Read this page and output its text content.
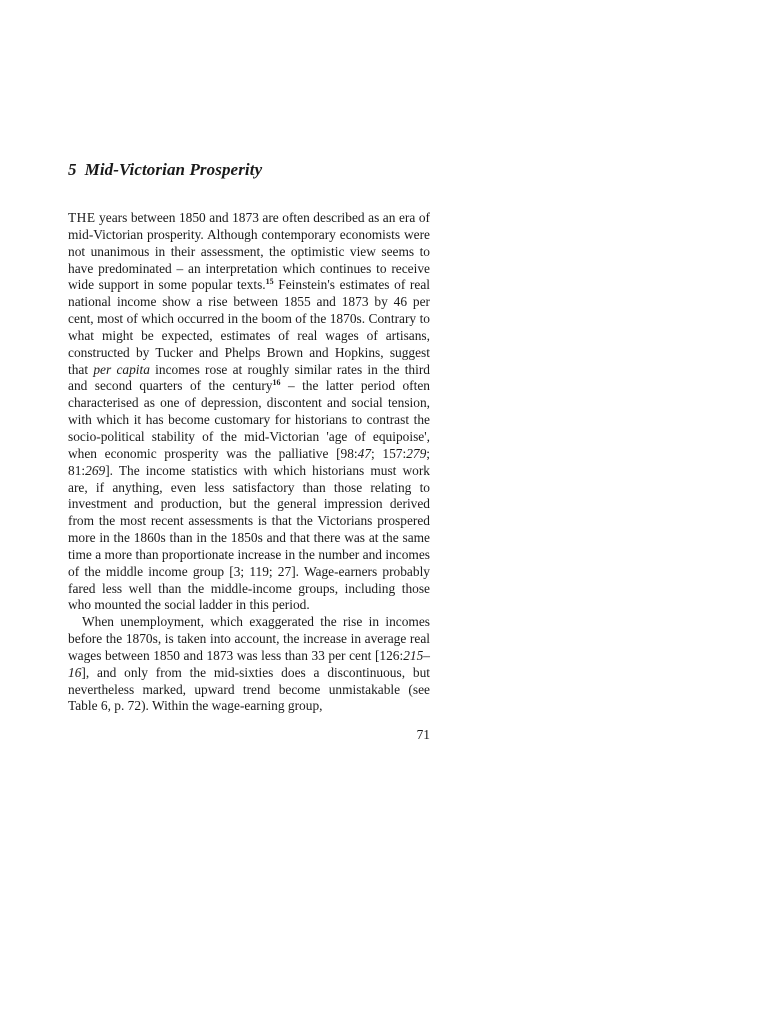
5 Mid-Victorian Prosperity

THE years between 1850 and 1873 are often described as an era of mid-Victorian prosperity. Although contemporary economists were not unanimous in their assessment, the optimistic view seems to have predominated – an interpretation which continues to receive wide support in some popular texts.$^{15}$ Feinstein's estimates of real national income show a rise between 1855 and 1873 by 46 per cent, most of which occurred in the boom of the 1870s. Contrary to what might be expected, estimates of real wages of artisans, constructed by Tucker and Phelps Brown and Hopkins, suggest that per capita incomes rose at roughly similar rates in the third and second quarters of the century$^{16}$ – the latter period often characterised as one of depression, discontent and social tension, with which it has become customary for historians to contrast the socio-political stability of the mid-Victorian 'age of equipoise', when economic prosperity was the palliative [98:47; 157:279; 81:269]. The income statistics with which historians must work are, if anything, even less satisfactory than those relating to investment and production, but the general impression derived from the most recent assessments is that the Victorians prospered more in the 1860s than in the 1850s and that there was at the same time a more than proportionate increase in the number and incomes of the middle income group [3; 119; 27]. Wage-earners probably fared less well than the middle-income groups, including those who mounted the social ladder in this period.

When unemployment, which exaggerated the rise in incomes before the 1870s, is taken into account, the increase in average real wages between 1850 and 1873 was less than 33 per cent [126:215–16], and only from the mid-sixties does a discontinuous, but nevertheless marked, upward trend become unmistakable (see Table 6, p. 72). Within the wage-earning group,

71
